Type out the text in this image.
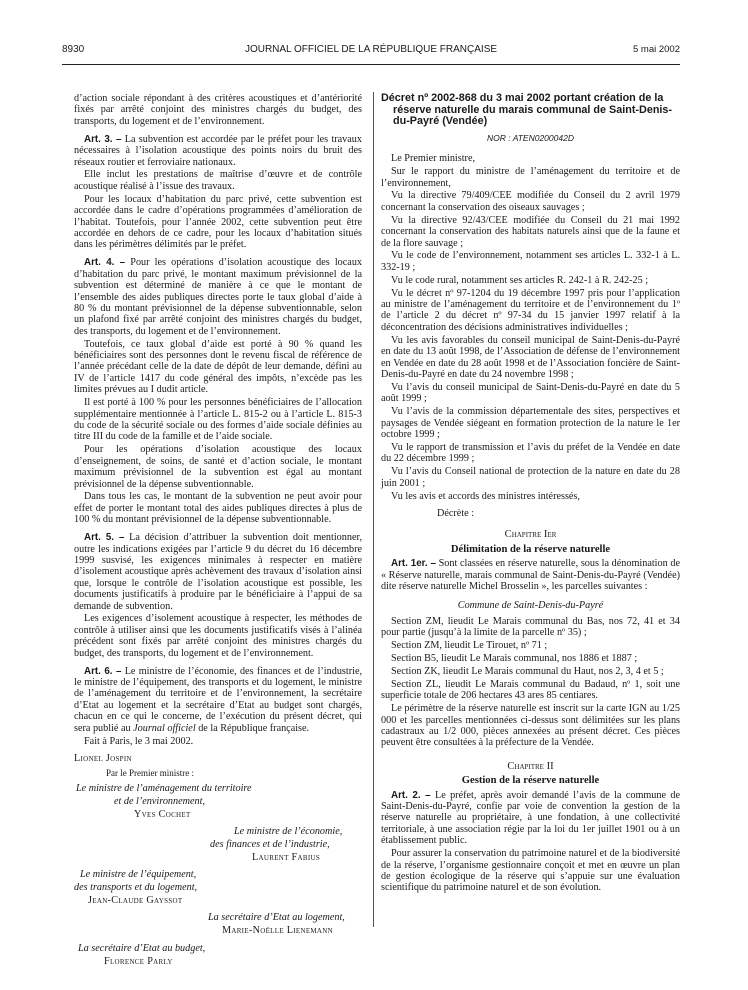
8930	JOURNAL OFFICIEL DE LA RÉPUBLIQUE FRANÇAISE	5 mai 2002

d’action sociale répondant à des critères acoustiques et d’antériorité fixés par arrêté conjoint des ministres chargés du budget, des transports, du logement et de l’environnement.

Art. 3. – La subvention est accordée par le préfet pour les travaux nécessaires à l’isolation acoustique des points noirs du bruit des réseaux routier et ferroviaire nationaux.

Elle inclut les prestations de maîtrise d’œuvre et de contrôle acoustique réalisé à l’issue des travaux.

Pour les locaux d’habitation du parc privé, cette subvention est accordée dans le cadre d’opérations programmées d’amélioration de l’habitat. Toutefois, pour l’année 2002, cette subvention peut être accordée en dehors de ce cadre, pour les locaux d’habitation situés dans les périmètres délimités par le préfet.

Art. 4. – Pour les opérations d’isolation acoustique des locaux d’habitation du parc privé, le montant maximum prévisionnel de la subvention est déterminé de manière à ce que le montant de l’ensemble des aides publiques directes porte le taux global d’aide à 80 % du montant prévisionnel de la dépense subventionnable, selon un plafond fixé par arrêté conjoint des ministres chargés du budget, des transports, du logement et de l’environnement.

Toutefois, ce taux global d’aide est porté à 90 % quand les bénéficiaires sont des personnes dont le revenu fiscal de référence de l’année précédant celle de la date de dépôt de leur demande, défini au IV de l’article 1417 du code général des impôts, n’excède pas les limites prévues au I dudit article.

Il est porté à 100 % pour les personnes bénéficiaires de l’allocation supplémentaire mentionnée à l’article L. 815-2 ou à l’article L. 815-3 du code de la sécurité sociale ou des formes d’aide sociale définies au titre III du code de la famille et de l’aide sociale.

Pour les opérations d’isolation acoustique des locaux d’enseignement, de soins, de santé et d’action sociale, le montant maximum prévisionnel de la subvention est égal au montant prévisionnel de la dépense subventionnable.

Dans tous les cas, le montant de la subvention ne peut avoir pour effet de porter le montant total des aides publiques directes à plus de 100 % du montant prévisionnel de la dépense subventionnable.

Art. 5. – La décision d’attribuer la subvention doit mentionner, outre les indications exigées par l’article 9 du décret du 16 décembre 1999 susvisé, les exigences minimales à respecter en matière d’isolement acoustique après achèvement des travaux d’isolation ainsi que, lorsque le contrôle de l’isolation acoustique est possible, les documents justificatifs à produire par le bénéficiaire à l’appui de sa demande de subvention.

Les exigences d’isolement acoustique à respecter, les méthodes de contrôle à utiliser ainsi que les documents justificatifs visés à l’alinéa précédent sont fixés par arrêté conjoint des ministres chargés du budget, des transports, du logement et de l’environnement.

Art. 6. – Le ministre de l’économie, des finances et de l’industrie, le ministre de l’équipement, des transports et du logement, le ministre de l’aménagement du territoire et de l’environnement, la secrétaire d’Etat au logement et la secrétaire d’Etat au budget sont chargés, chacun en ce qui le concerne, de l’exécution du présent décret, qui sera publié au Journal officiel de la République française.

Fait à Paris, le 3 mai 2002.

Lionel Jospin

Par le Premier ministre :

Le ministre de l’aménagement du territoire

et de l’environnement,

Yves Cochet

Le ministre de l’économie,

des finances et de l’industrie,

Laurent Fabius

Le ministre de l’équipement,

des transports et du logement,

Jean-Claude Gayssot

La secrétaire d’Etat au logement,

Marie-Noëlle Lienemann

La secrétaire d’Etat au budget,

Florence Parly

Décret nº 2002-868 du 3 mai 2002 portant création de la réserve naturelle du marais communal de Saint-Denis-du-Payré (Vendée)
NOR : ATEN0200042D

Le Premier ministre,

Sur le rapport du ministre de l’aménagement du territoire et de l’environnement,

Vu la directive 79/409/CEE modifiée du Conseil du 2 avril 1979 concernant la conservation des oiseaux sauvages ;

Vu la directive 92/43/CEE modifiée du Conseil du 21 mai 1992 concernant la conservation des habitats naturels ainsi que de la faune et de la flore sauvage ;

Vu le code de l’environnement, notamment ses articles L. 332-1 à L. 332-19 ;

Vu le code rural, notamment ses articles R. 242-1 à R. 242-25 ;

Vu le décret nº 97-1204 du 19 décembre 1997 pris pour l’application au ministre de l’aménagement du territoire et de l’environnement du 1º de l’article 2 du décret nº 97-34 du 15 janvier 1997 relatif à la déconcentration des décisions administratives individuelles ;

Vu les avis favorables du conseil municipal de Saint-Denis-du-Payré en date du 13 août 1998, de l’Association de défense de l’environnement en Vendée en date du 28 août 1998 et de l’Association foncière de Saint-Denis-du-Payré en date du 24 novembre 1998 ;

Vu l’avis du conseil municipal de Saint-Denis-du-Payré en date du 5 août 1999 ;

Vu l’avis de la commission départementale des sites, perspectives et paysages de Vendée siégeant en formation protection de la nature le 1er octobre 1999 ;

Vu le rapport de transmission et l’avis du préfet de la Vendée en date du 22 décembre 1999 ;

Vu l’avis du Conseil national de protection de la nature en date du 28 juin 2001 ;

Vu les avis et accords des ministres intéressés,

Décrète :

Chapitre Ier
Délimitation de la réserve naturelle

Art. 1er. – Sont classées en réserve naturelle, sous la dénomination de « Réserve naturelle, marais communal de Saint-Denis-du-Payré (Vendée) dite réserve naturelle Michel Brosselin », les parcelles suivantes :

Commune de Saint-Denis-du-Payré

Section ZM, lieudit Le Marais communal du Bas, nos 72, 41 et 34 pour partie (jusqu’à la limite de la parcelle nº 35) ;

Section ZM, lieudit Le Tirouet, nº 71 ;

Section B5, lieudit Le Marais communal, nos 1886 et 1887 ;

Section ZK, lieudit Le Marais communal du Haut, nos 2, 3, 4 et 5 ;

Section ZL, lieudit Le Marais communal du Badaud, nº 1, soit une superficie totale de 206 hectares 43 ares 85 centiares.

Le périmètre de la réserve naturelle est inscrit sur la carte IGN au 1/25 000 et les parcelles mentionnées ci-dessus sont délimitées sur les plans cadastraux au 1/2 000, pièces annexées au présent décret. Ces pièces peuvent être consultées à la préfecture de la Vendée.

Chapitre II
Gestion de la réserve naturelle

Art. 2. – Le préfet, après avoir demandé l’avis de la commune de Saint-Denis-du-Payré, confie par voie de convention la gestion de la réserve naturelle au propriétaire, à une fondation, à une collectivité territoriale, à une association régie par la loi du 1er juillet 1901 ou à un établissement public.

Pour assurer la conservation du patrimoine naturel et de la biodiversité de la réserve, l’organisme gestionnaire conçoit et met en œuvre un plan de gestion écologique de la réserve qui s’appuie sur une évaluation scientifique du patrimoine naturel et de son évolution.
